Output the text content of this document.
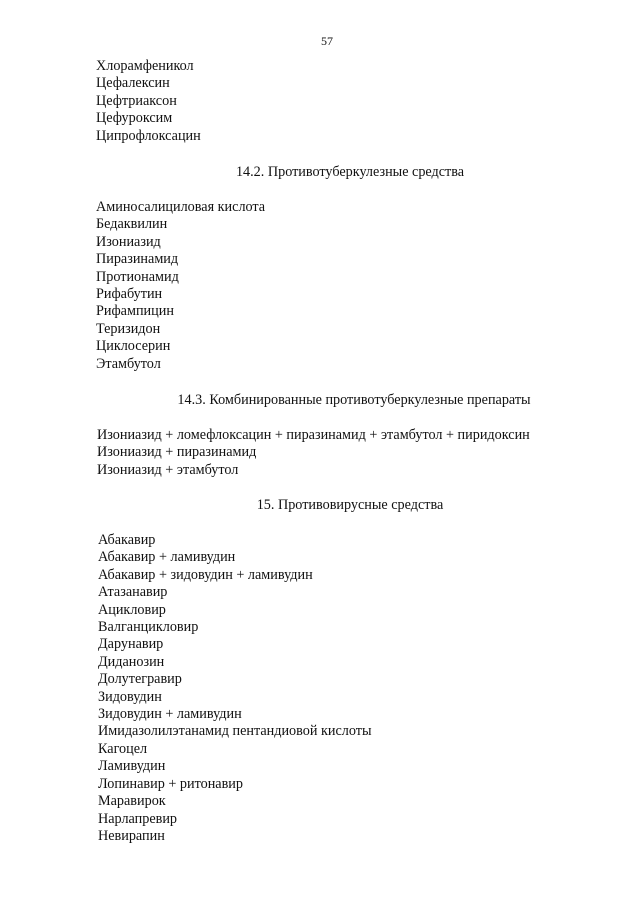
57
Хлорамфеникол
Цефалексин
Цефтриаксон
Цефуроксим
Ципрофлоксацин
14.2. Противотуберкулезные средства
Аминосалициловая кислота
Бедаквилин
Изониазид
Пиразинамид
Протионамид
Рифабутин
Рифампицин
Теризидон
Циклосерин
Этамбутол
14.3. Комбинированные противотуберкулезные препараты
Изониазид + ломефлоксацин + пиразинамид + этамбутол + пиридоксин
Изониазид + пиразинамид
Изониазид + этамбутол
15. Противовирусные средства
Абакавир
Абакавир + ламивудин
Абакавир + зидовудин + ламивудин
Атазанавир
Ацикловир
Валганцикловир
Дарунавир
Диданозин
Долутегравир
Зидовудин
Зидовудин + ламивудин
Имидазолилэтанамид пентандиовой кислоты
Кагоцел
Ламивудин
Лопинавир + ритонавир
Маравирок
Нарлапревир
Невирапин
